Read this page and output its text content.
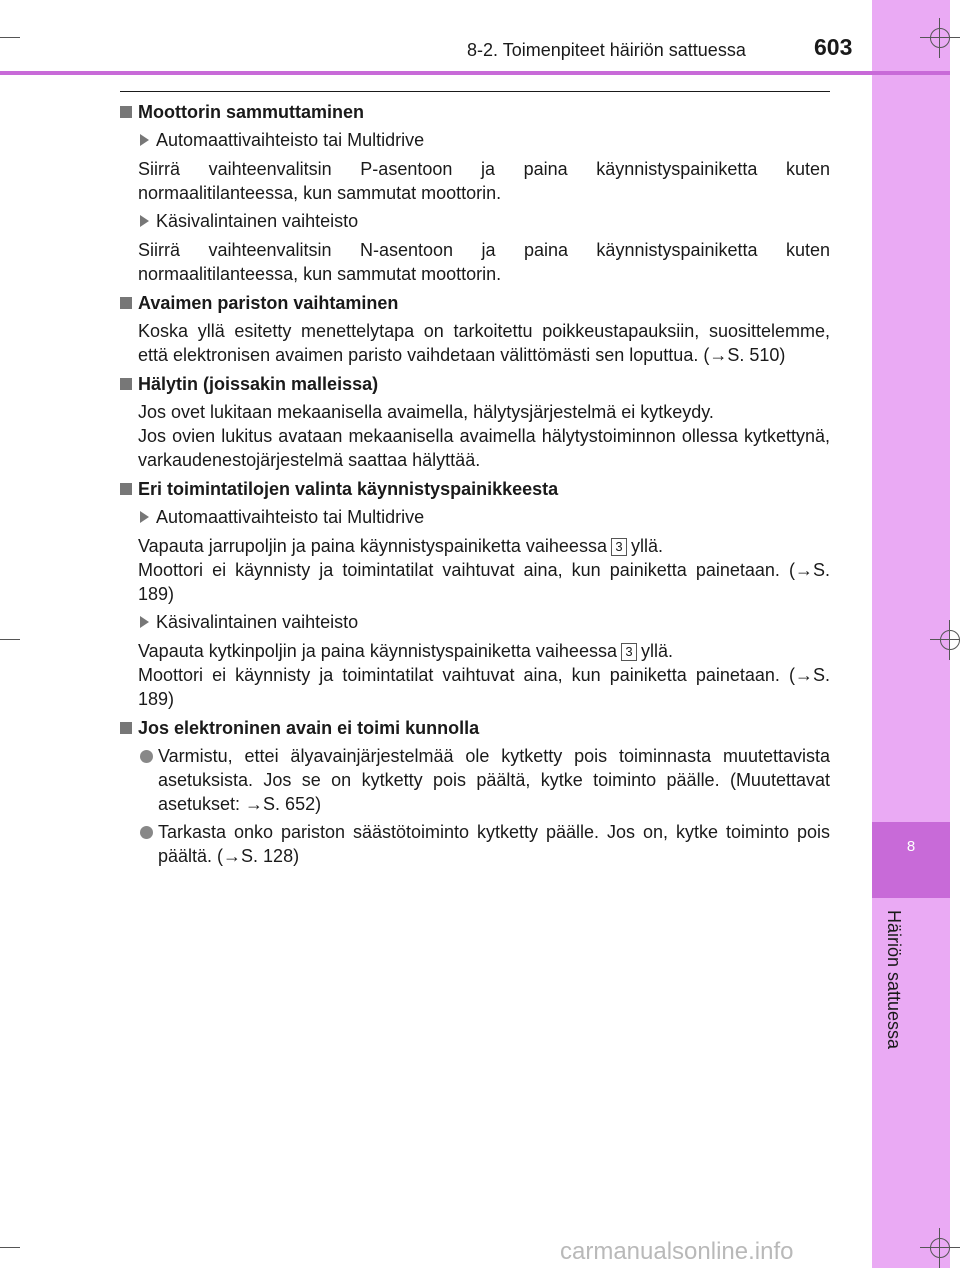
8
Häiriön sattuessa
8-2. Toimenpiteet häiriön sattuessa	603
Moottorin sammuttaminen
Automaattivaihteisto tai Multidrive
Siirrä vaihteenvalitsin P-asentoon ja paina käynnistyspainiketta kuten normaalitilanteessa, kun sammutat moottorin.
Käsivalintainen vaihteisto
Siirrä vaihteenvalitsin N-asentoon ja paina käynnistyspainiketta kuten normaalitilanteessa, kun sammutat moottorin.
Avaimen pariston vaihtaminen
Koska yllä esitetty menettelytapa on tarkoitettu poikkeustapauksiin, suosittelemme, että elektronisen avaimen paristo vaihdetaan välittömästi sen loputtua. (→S. 510)
Hälytin (joissakin malleissa)
Jos ovet lukitaan mekaanisella avaimella, hälytysjärjestelmä ei kytkeydy.
Jos ovien lukitus avataan mekaanisella avaimella hälytystoiminnon ollessa kytkettynä, varkaudenestojärjestelmä saattaa hälyttää.
Eri toimintatilojen valinta käynnistyspainikkeesta
Automaattivaihteisto tai Multidrive
Vapauta jarrupoljin ja paina käynnistyspainiketta vaiheessa 3 yllä.
Moottori ei käynnisty ja toimintatilat vaihtuvat aina, kun painiketta painetaan. (→S. 189)
Käsivalintainen vaihteisto
Vapauta kytkinpoljin ja paina käynnistyspainiketta vaiheessa 3 yllä.
Moottori ei käynnisty ja toimintatilat vaihtuvat aina, kun painiketta painetaan. (→S. 189)
Jos elektroninen avain ei toimi kunnolla
Varmistu, ettei älyavainjärjestelmää ole kytketty pois toiminnasta muutettavista asetuksista. Jos se on kytketty pois päältä, kytke toiminto päälle. (Muutettavat asetukset: →S. 652)
Tarkasta onko pariston säästötoiminto kytketty päälle. Jos on, kytke toiminto pois päältä. (→S. 128)
carmanualsonline.info
